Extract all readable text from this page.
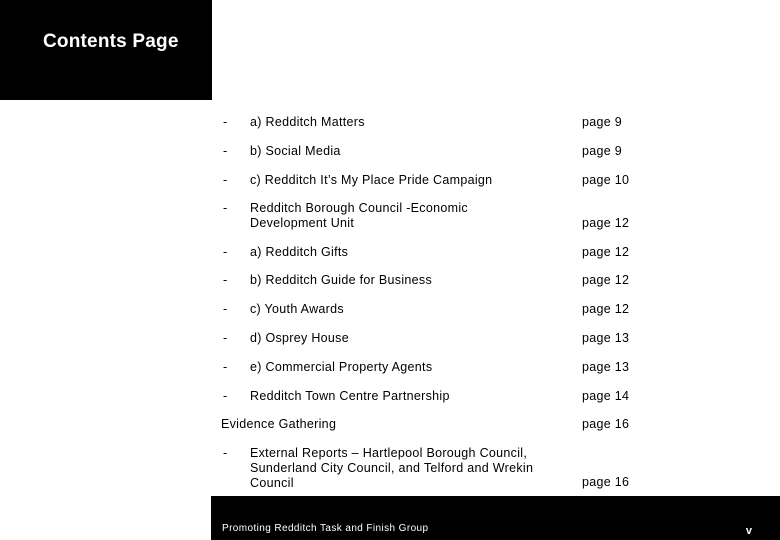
Contents Page
- a) Redditch Matters	page 9
- b) Social Media	page 9
- c) Redditch It’s My Place Pride Campaign	page 10
- Redditch Borough Council -Economic Development Unit	page 12
- a) Redditch Gifts	page 12
- b) Redditch Guide for Business	page 12
- c) Youth Awards	page 12
- d) Osprey House	page 13
- e) Commercial Property Agents	page 13
- Redditch Town Centre Partnership	page 14
Evidence Gathering	page 16
- External Reports – Hartlepool Borough Council, Sunderland City Council, and Telford and Wrekin Council	page 16
Promoting Redditch Task and Finish Group	v
